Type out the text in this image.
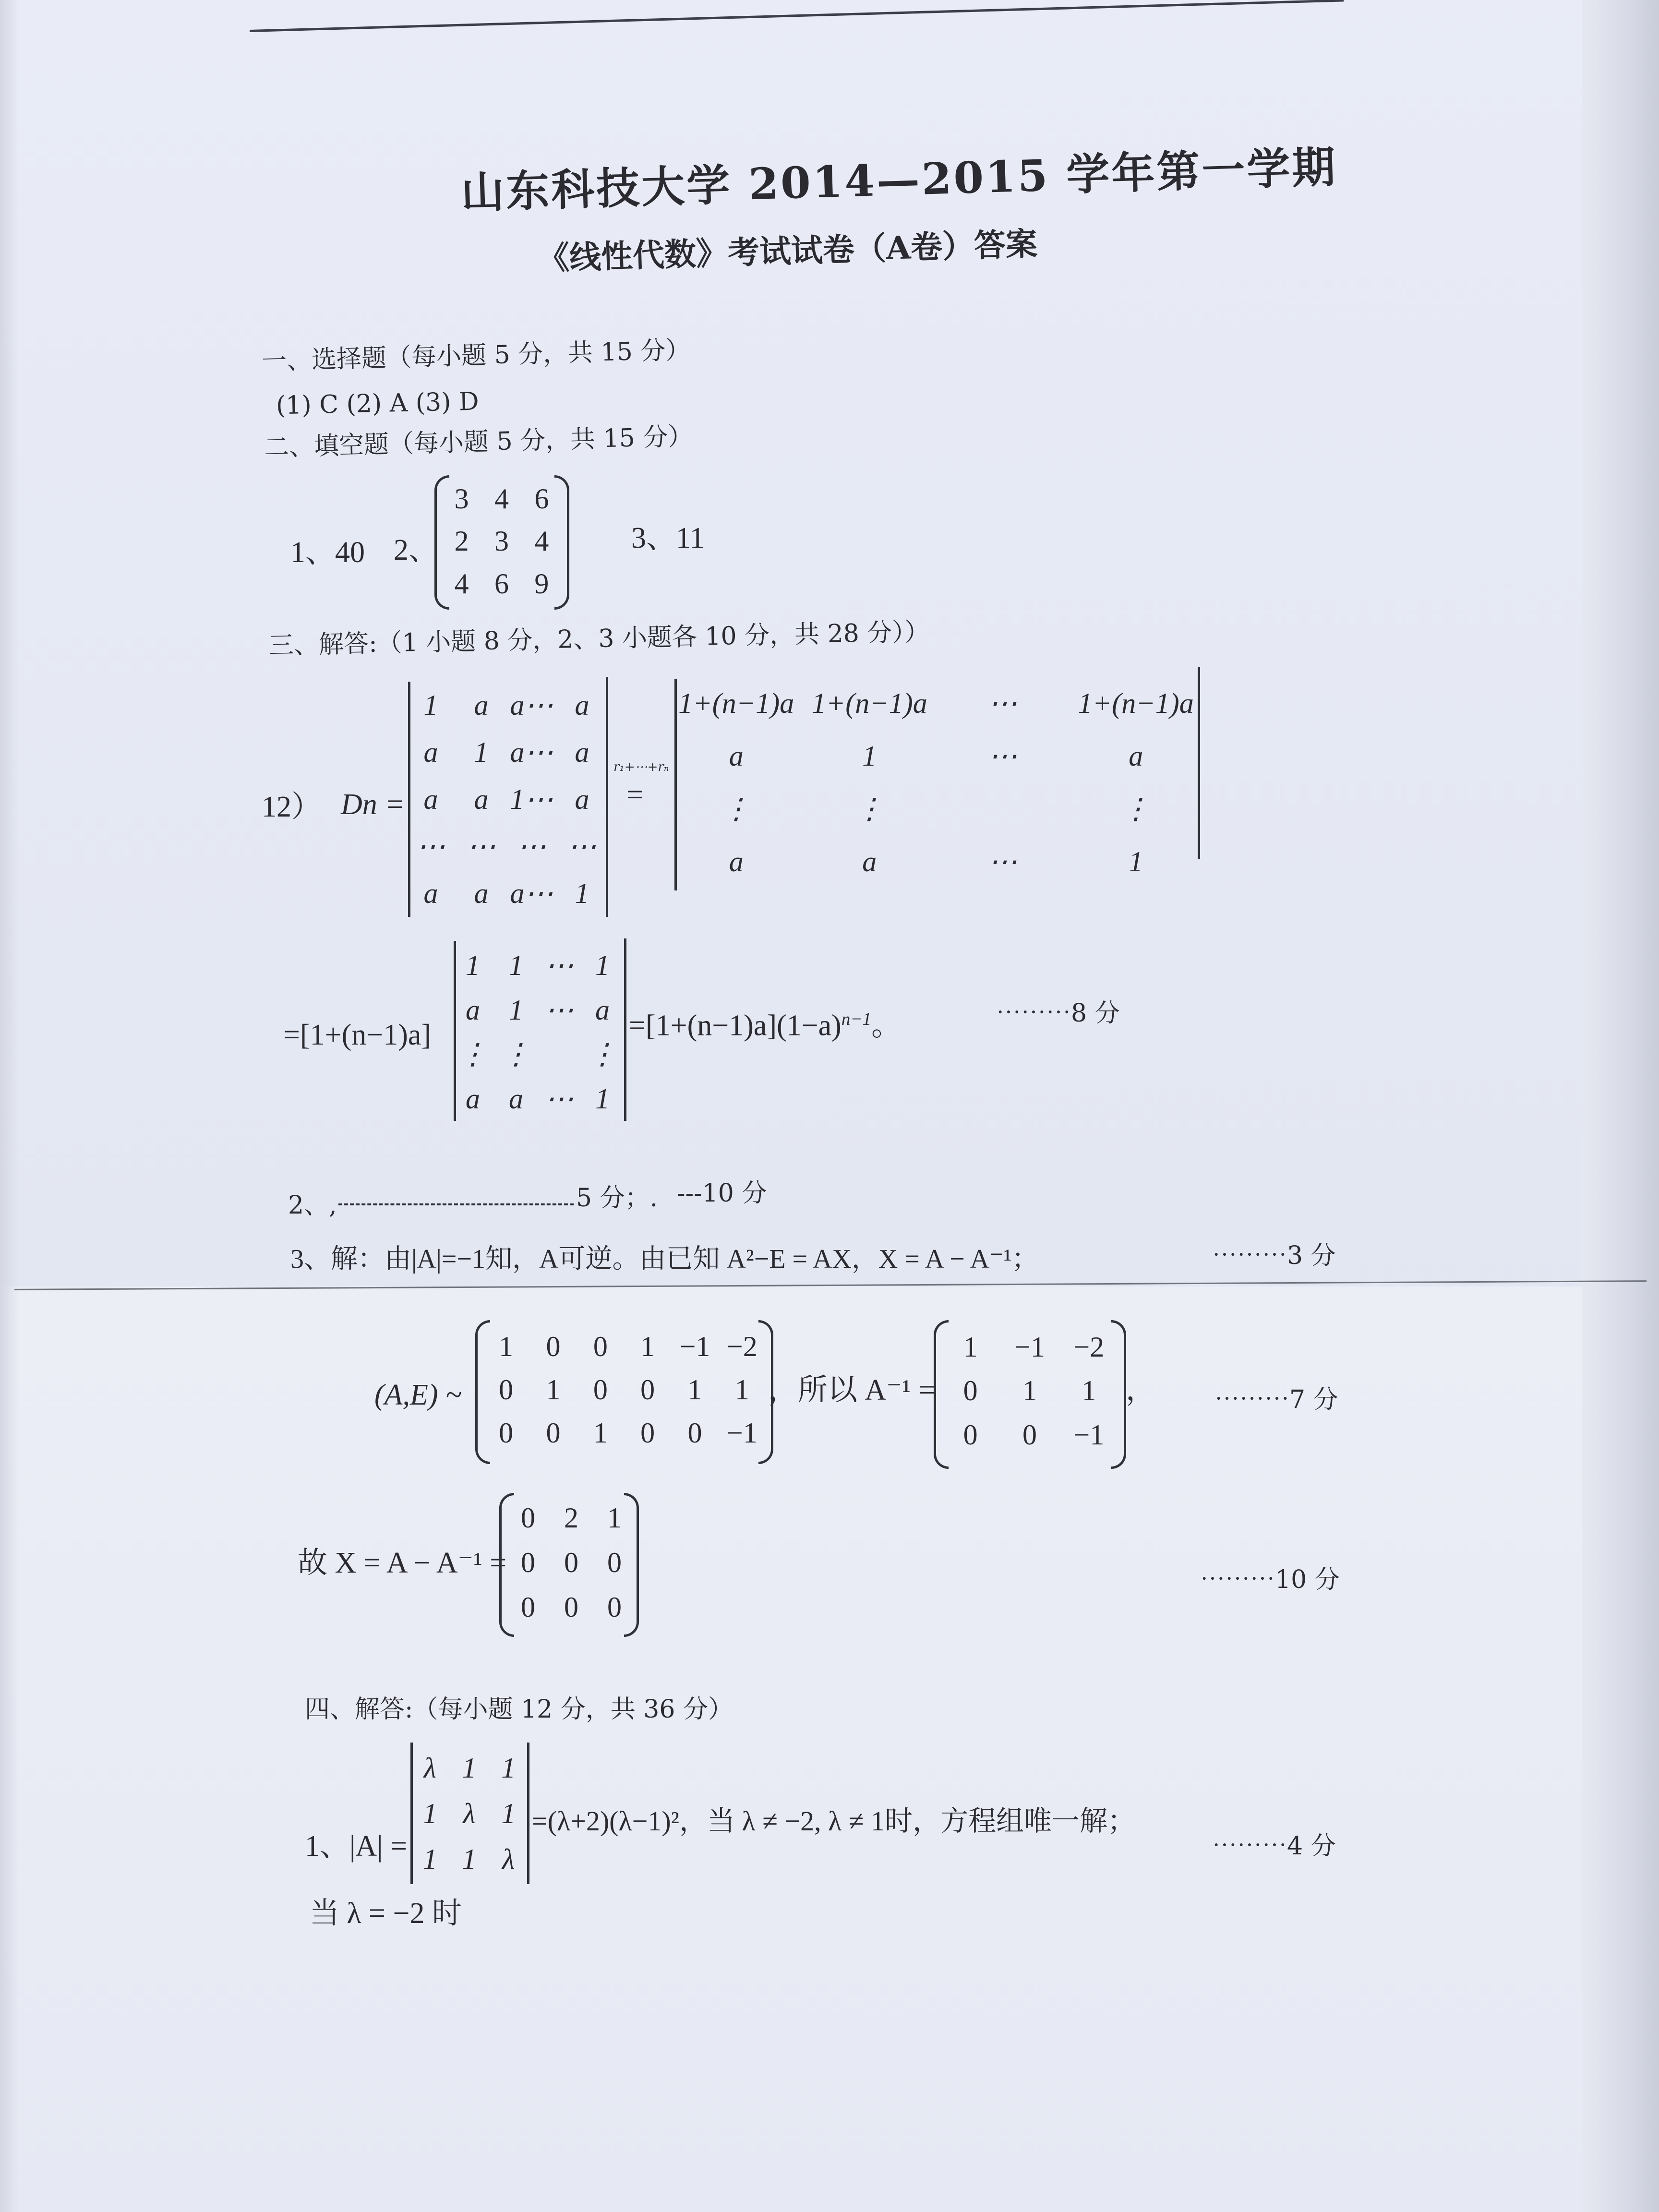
山东科技大学 2014—2015 学年第一学期
《线性代数》考试试卷（A卷）答案
一、选择题（每小题 5 分，共 15 分）
(1) C (2) A (3) D
二、填空题（每小题 5 分，共 15 分）
1、40 2、
3 4 6
2 3 4
4 6 9
3、11
三、解答:（1 小题 8 分，2、3 小题各 10 分，共 28 分））
12） Dn =
1 a a⋯ a
a 1 a⋯ a
a a 1⋯ a
⋯ ⋯ ⋯ ⋯
a a a⋯ 1
r₁+⋯+rₙ
=
1+(n−1)a 1+(n−1)a ⋯ 1+(n−1)a
a	1	⋯	a
⋮	⋮	⋮
a	a	⋯	1
=[1+(n−1)a]
1 1 ⋯ 1
a 1 ⋯ a
⋮ ⋮ ⋮
a a ⋯ 1
$=[1+(n-1)a](1-a)^{n-1}$。	⋯⋯⋯8 分
2、,	5 分；. ---10 分
3、解：由|A|=−1知，A可逆。由已知 A²−E = AX，X = A − A⁻¹；	⋯⋯⋯3 分
(A,E) ~
1 0 0 1 −1 −2
0 1 0 0 1 1
0 0 1 0 0 −1
，所以 A⁻¹ =
1 −1 −2
0 1 1
0 0 −1
， ⋯⋯⋯7 分
故 X = A − A⁻¹ =
0 2 1
0 0 0
0 0 0
⋯⋯⋯10 分
四、解答:（每小题 12 分，共 36 分）
1、|A| =
λ 1 1
1 λ 1
1 1 λ
=(λ+2)(λ−1)²，当 λ ≠ −2, λ ≠ 1时，方程组唯一解；
⋯⋯⋯4 分
当 λ = −2 时
